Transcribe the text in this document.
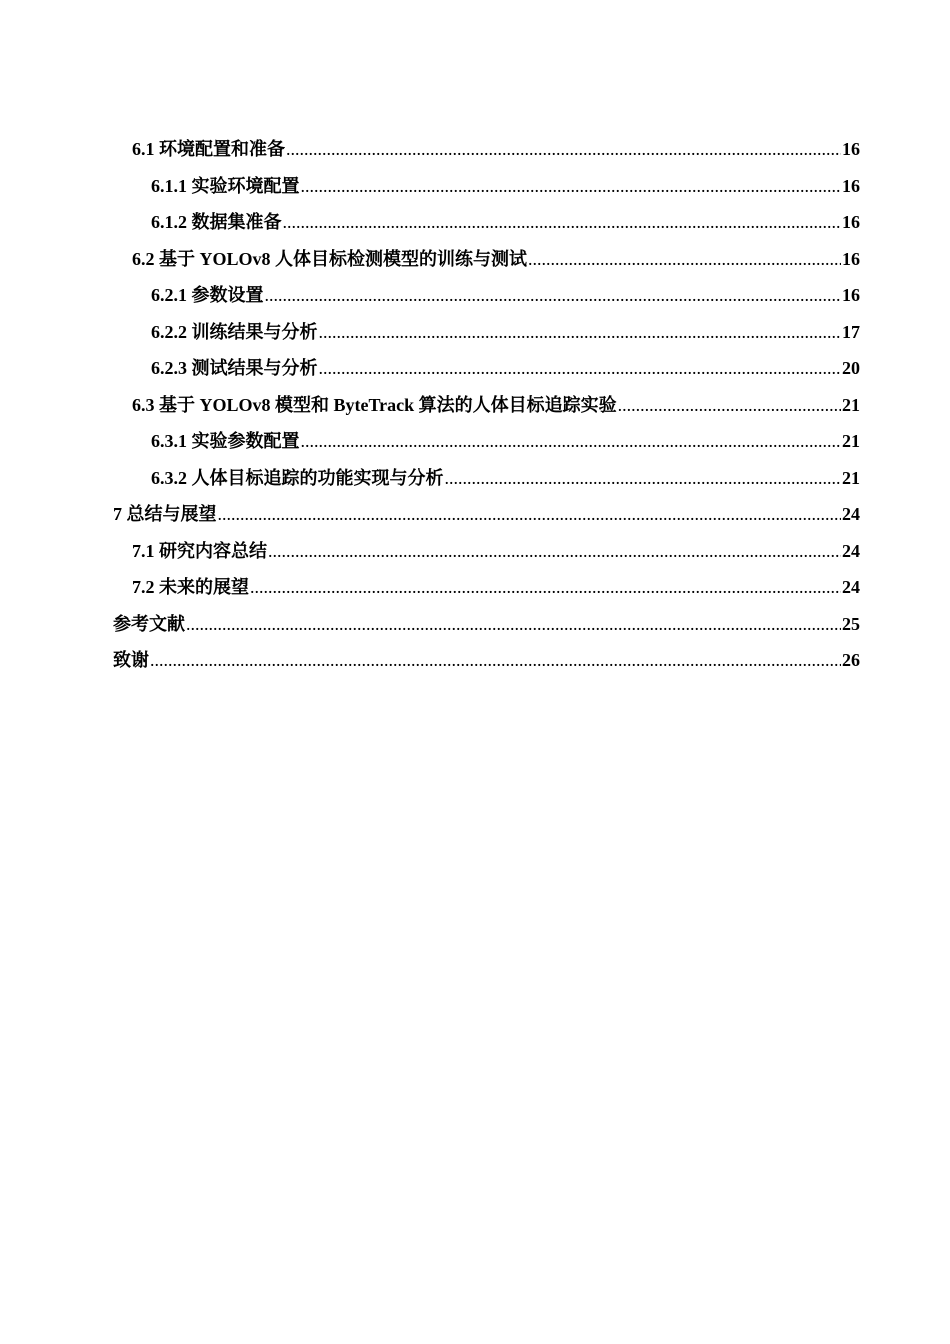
6.1 环境配置和准备 .....	16
6.1.1 实验环境配置 .....	16
6.1.2 数据集准备 .....	16
6.2 基于 YOLOv8 人体目标检测模型的训练与测试 .....	16
6.2.1 参数设置 .....	16
6.2.2 训练结果与分析 .....	17
6.2.3 测试结果与分析 .....	20
6.3 基于 YOLOv8 模型和 ByteTrack 算法的人体目标追踪实验 .....	21
6.3.1 实验参数配置 .....	21
6.3.2 人体目标追踪的功能实现与分析 .....	21
7 总结与展望 .....	24
7.1 研究内容总结 .....	24
7.2 未来的展望 .....	24
参考文献 .....	25
致谢 .....	26
